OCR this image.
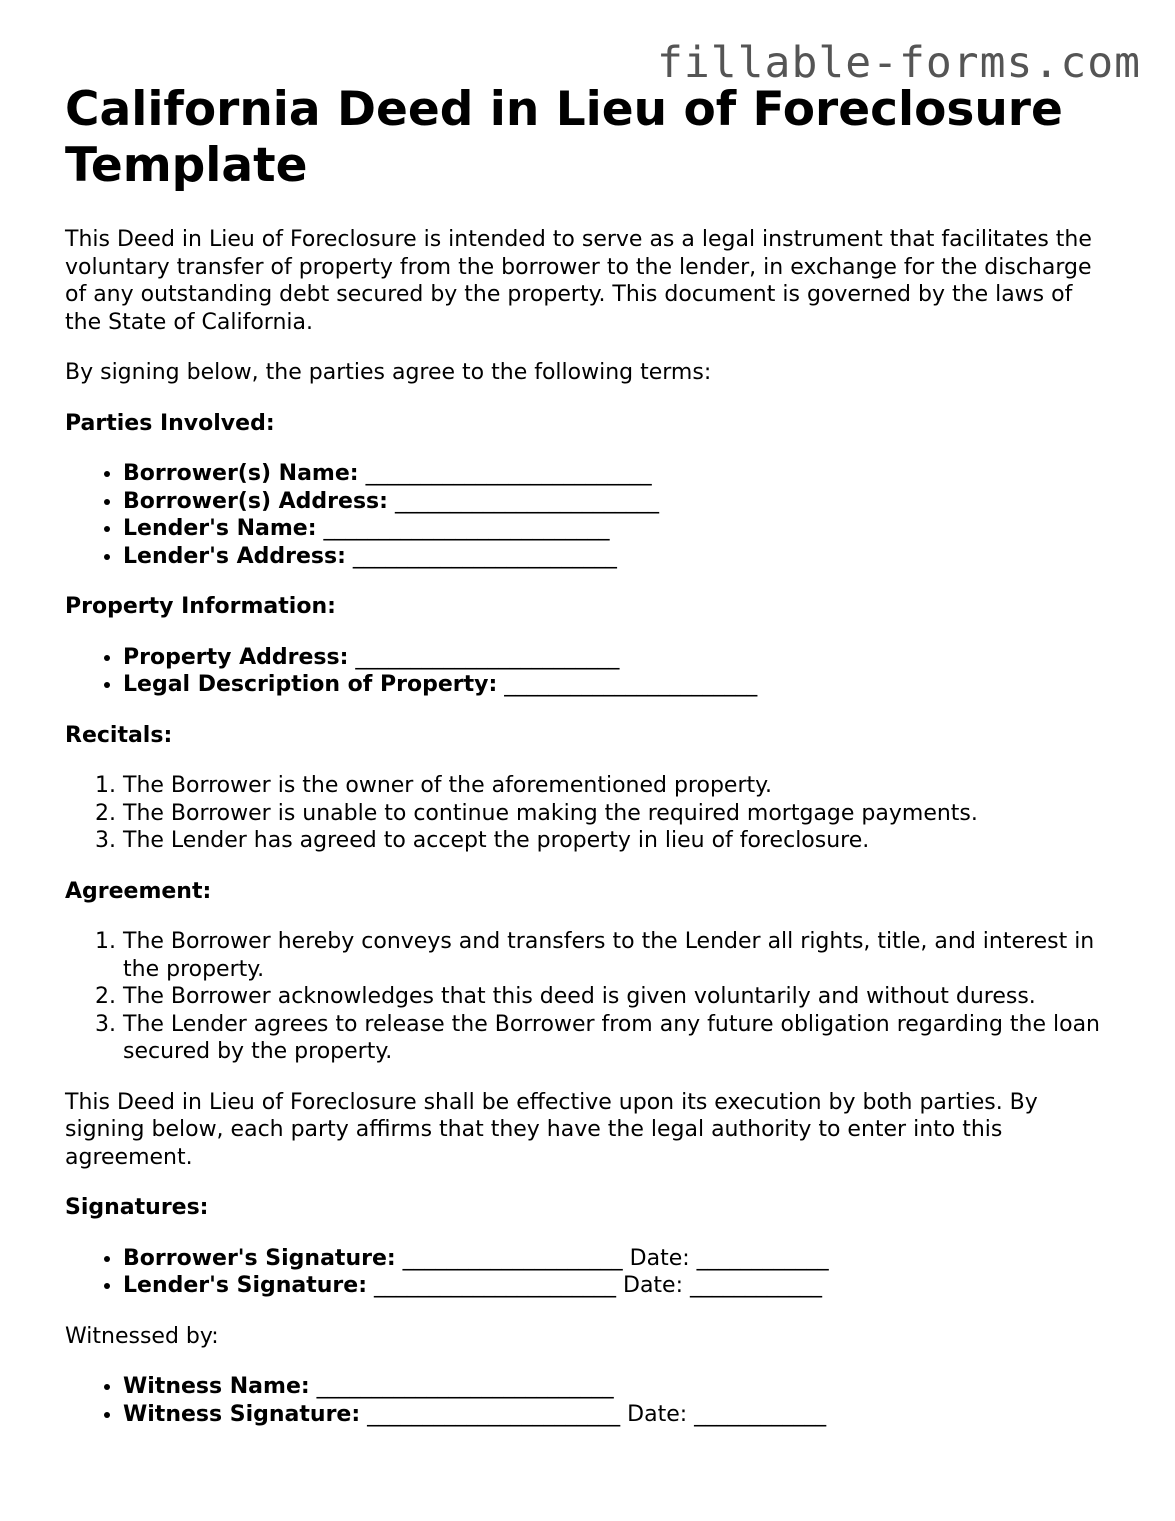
fillable-forms.com
California Deed in Lieu of Foreclosure Template

This Deed in Lieu of Foreclosure is intended to serve as a legal instrument that facilitates the voluntary transfer of property from the borrower to the lender, in exchange for the discharge of any outstanding debt secured by the property. This document is governed by the laws of the State of California.

By signing below, the parties agree to the following terms:

Parties Involved:
• Borrower(s) Name: __________________________
• Borrower(s) Address: ________________________
• Lender's Name: __________________________
• Lender's Address: ________________________
Property Information:
• Property Address: ________________________
• Legal Description of Property: _______________________
Recitals:
1. The Borrower is the owner of the aforementioned property.
2. The Borrower is unable to continue making the required mortgage payments.
3. The Lender has agreed to accept the property in lieu of foreclosure.
Agreement:
1. The Borrower hereby conveys and transfers to the Lender all rights, title, and interest in the property.
2. The Borrower acknowledges that this deed is given voluntarily and without duress.
3. The Lender agrees to release the Borrower from any future obligation regarding the loan secured by the property.

This Deed in Lieu of Foreclosure shall be effective upon its execution by both parties. By signing below, each party affirms that they have the legal authority to enter into this agreement.

Signatures:
• Borrower's Signature: ____________________ Date: ____________
• Lender's Signature: ______________________ Date: ____________

Witnessed by:

• Witness Name: ___________________________
• Witness Signature: _______________________ Date: ____________
